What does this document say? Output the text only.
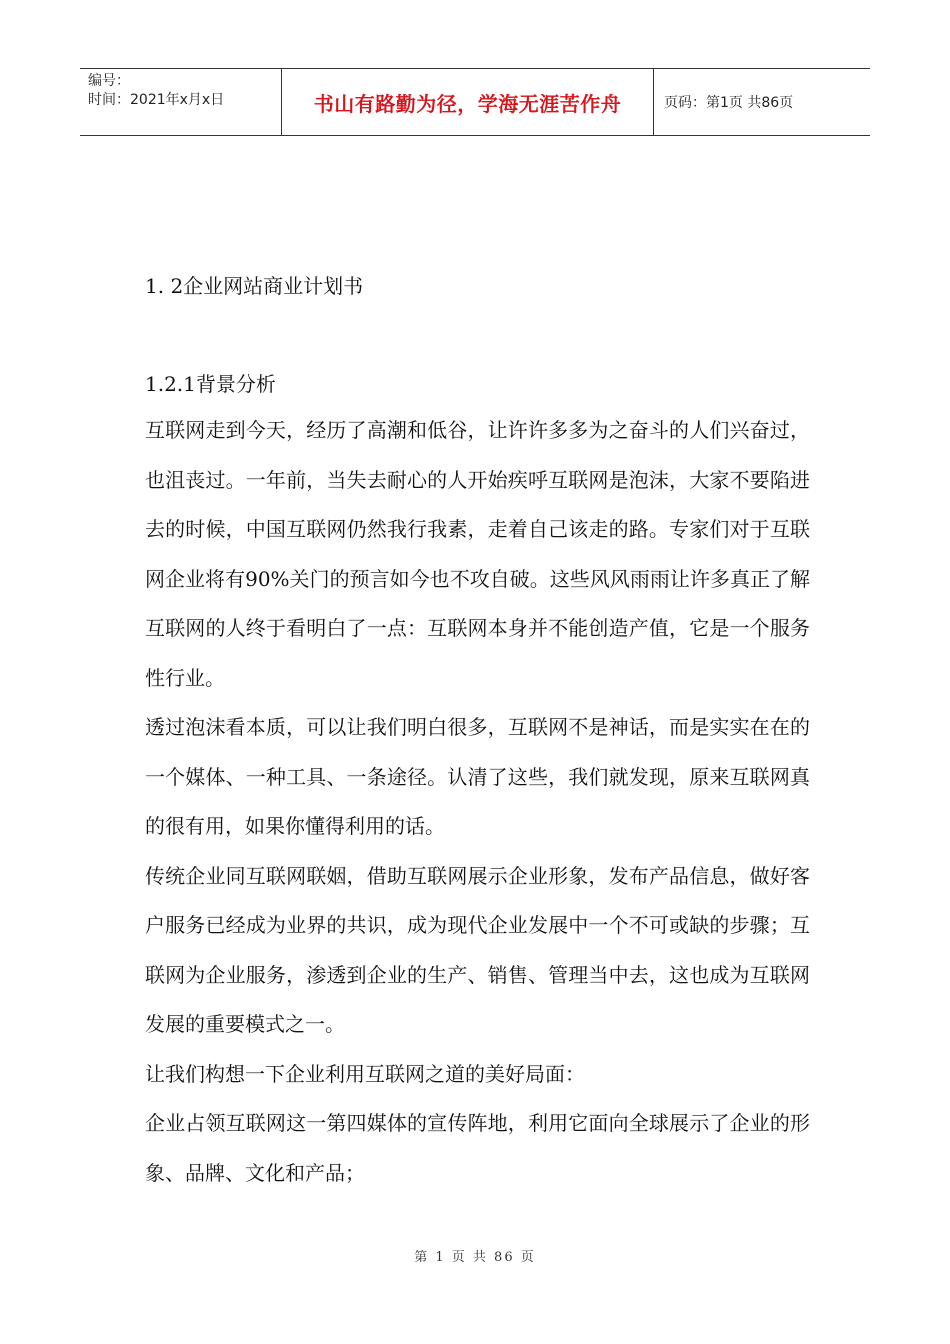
编号：
时间：2021年x月x日	书山有路勤为径，学海无涯苦作舟	页码：第1页 共86页
1. 2企业网站商业计划书
1.2.1背景分析

互联网走到今天，经历了高潮和低谷，让许许多多为之奋斗的人们兴奋过，也沮丧过。一年前，当失去耐心的人开始疾呼互联网是泡沫，大家不要陷进去的时候，中国互联网仍然我行我素，走着自己该走的路。专家们对于互联网企业将有90%关门的预言如今也不攻自破。这些风风雨雨让许多真正了解互联网的人终于看明白了一点：互联网本身并不能创造产值，它是一个服务性行业。

透过泡沫看本质，可以让我们明白很多，互联网不是神话，而是实实在在的一个媒体、一种工具、一条途径。认清了这些，我们就发现，原来互联网真的很有用，如果你懂得利用的话。

传统企业同互联网联姻，借助互联网展示企业形象，发布产品信息，做好客户服务已经成为业界的共识，成为现代企业发展中一个不可或缺的步骤；互联网为企业服务，渗透到企业的生产、销售、管理当中去，这也成为互联网发展的重要模式之一。

让我们构想一下企业利用互联网之道的美好局面：

企业占领互联网这一第四媒体的宣传阵地，利用它面向全球展示了企业的形象、品牌、文化和产品；

第 1 页 共 86 页
